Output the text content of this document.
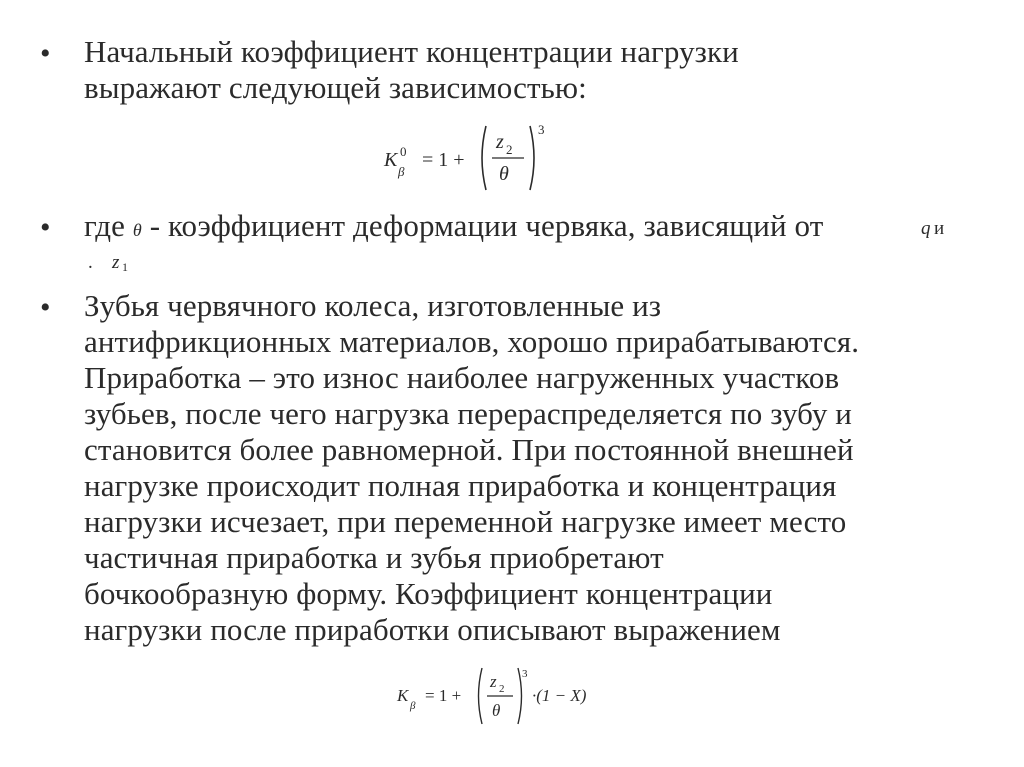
• Начальный коэффициент концентрации нагрузки
выражают следующей зависимостью:
K
β
0 = 1 +
z 2
θ
3
• где θ - коэффициент деформации червяка, зависящий от	q и
. z 1
• Зубья червячного колеса, изготовленные из
антифрикционных материалов, хорошо прирабатываются.
Приработка – это износ наиболее нагруженных участков
зубьев, после чего нагрузка перераспределяется по зубу и
становится более равномерной. При постоянной внешней
нагрузке происходит полная приработка и концентрация
нагрузки исчезает, при переменной нагрузке имеет место
частичная приработка и зубья приобретают
бочкообразную форму. Коэффициент концентрации
нагрузки после приработки описывают выражением
K
β
= 1 +
z 2
θ
3
·(1 − X)
